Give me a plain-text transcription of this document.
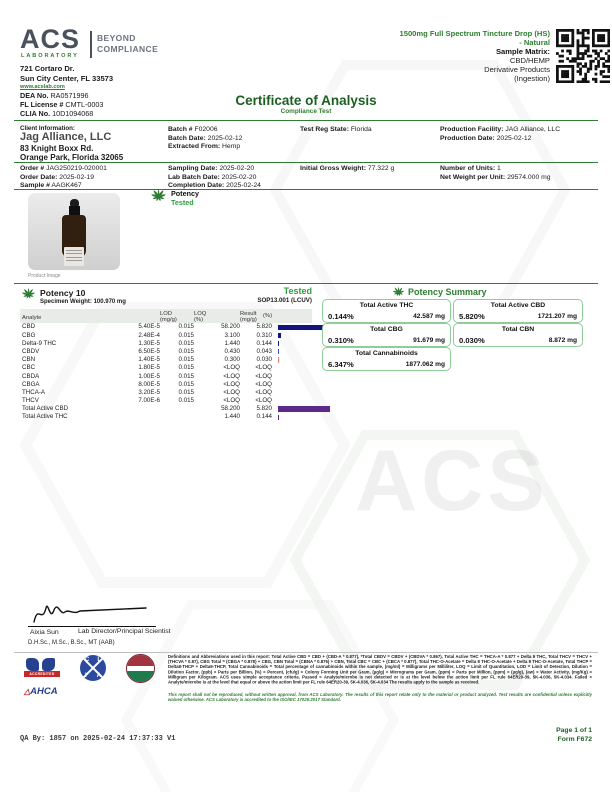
ACS
ACS
LABORATORY
BEYOND
COMPLIANCE
721 Cortaro Dr.
Sun City Center, FL 33573
www.acslab.com
DEA No. RA0571996
FL License # CMTL-0003
CLIA No. 10D1094068
1500mg Full Spectrum Tincture Drop (HS)
- Natural
Sample Matrix:
CBD/HEMP
Derivative Products
(Ingestion)
Certificate of Analysis
Compliance Test
Client Information:
Jag Alliance, LLC
83 Knight Boxx Rd.
Orange Park, Florida 32065
Batch # F02006
Batch Date: 2025-02-12
Extracted From: Hemp
Test Reg State: Florida	Production Facility: JAG Alliance, LLC
Production Date: 2025-02-12
Order # JAG250219-020001
Order Date: 2025-02-19
Sample # AAGK467
Sampling Date: 2025-02-20
Lab Batch Date: 2025-02-20
Completion Date: 2025-02-24
Initial Gross Weight: 77.322 g	Number of Units: 1
Net Weight per Unit: 29574.000 mg
Product Image
Potency
Tested
Potency 10
Specimen Weight: 100.970 mg
Tested
SOP13.001 (LCUV)
Analyte
LOD

(mg/g)
LOQ

(%)
Result

(mg/g)
(%)
CBD	5.40E-5	0.015	58.200	5.820
CBG	2.48E-4	0.015	3.100	0.310
Delta-9 THC	1.30E-5	0.015	1.440	0.144
CBDV	6.50E-5	0.015	0.430	0.043
CBN	1.40E-5	0.015	0.300	0.030
CBC	1.80E-5	0.015	<LOQ	<LOQ
CBDA	1.00E-5	0.015	<LOQ	<LOQ
CBGA	8.00E-5	0.015	<LOQ	<LOQ
THCA-A	3.20E-5	0.015	<LOQ	<LOQ
THCV	7.00E-6	0.015	<LOQ	<LOQ
Total Active CBD	58.200	5.820
Total Active THC	1.440	0.144
Potency Summary
Total Active THC
0.144%	42.587 mg
Total Active CBD
5.820%	1721.207 mg
Total CBG
0.310%	91.679 mg
Total CBN
0.030%	8.872 mg
Total Cannabinoids
6.347%	1877.062 mg
Aixia Sun	Lab Director/Principal Scientist
D.H.Sc., M.Sc., B.Sc., MT (AAB)
ACCREDITED
C L
I A
△AHCA
Definitions and Abbreviations used in this report: Total Active CBD = CBD + (CBD-A * 0.877), *Total CBDV = CBDV + (CBDVA * 0.867), Total Active THC = THCA-A * 0.877 + Delta 9 THC, Total THCV = THCV + (THCVA * 0.87), CBG Total = (CBGA * 0.878) + CBG, CBN Total = (CBNA * 0.876) + CBN, Total CBC = CBC + (CBCA * 0.877), Total THC-O-Acetate = Delta 8 THC-O-Acetate + Delta 9 THC-O-Acetate, Total THCP = Delta8-THCP + Delta9-THCP, Total Cannabinoids = Total percentage of cannabinoids within the sample, (mg/ml) = Milligrams per Milliliter, LOQ = Limit of Quantitation, LOD = Limit of Detection, Dilution = Dilution Factor, (ppb) = Parts per Billion, (%) = Percent, (cfu/g) = Colony Forming Unit per Gram, (µg/g) = Micrograms per Gram, (ppm) = Parts per Million, (ppm) = (µg/g), (aw) = Water Activity, (mg/Kg) = Milligram per Kilogram. ACS uses simple acceptance criteria. Passed = Analyte/microbe is not detected or is at the level below the action limit per FL rule 64ER20-39, 5K-4.036, 5K-4.034. Failed = Analyte/microbe is at the level that equal or above the action limit per FL rule 64ER20-39, 5K-4.036, 5K-4.034 The results apply to the sample as received.
This report shall not be reproduced, without written approval, from ACS Laboratory. The results of this report relate only to the material or product analyzed. Test results are confidential unless explicitly waived otherwise. ACS Laboratory is accredited to the ISO/IEC 17025:2017 Standard.
QA By: 1857 on 2025-02-24 17:37:33 V1
Page 1 of 1
Form F672
